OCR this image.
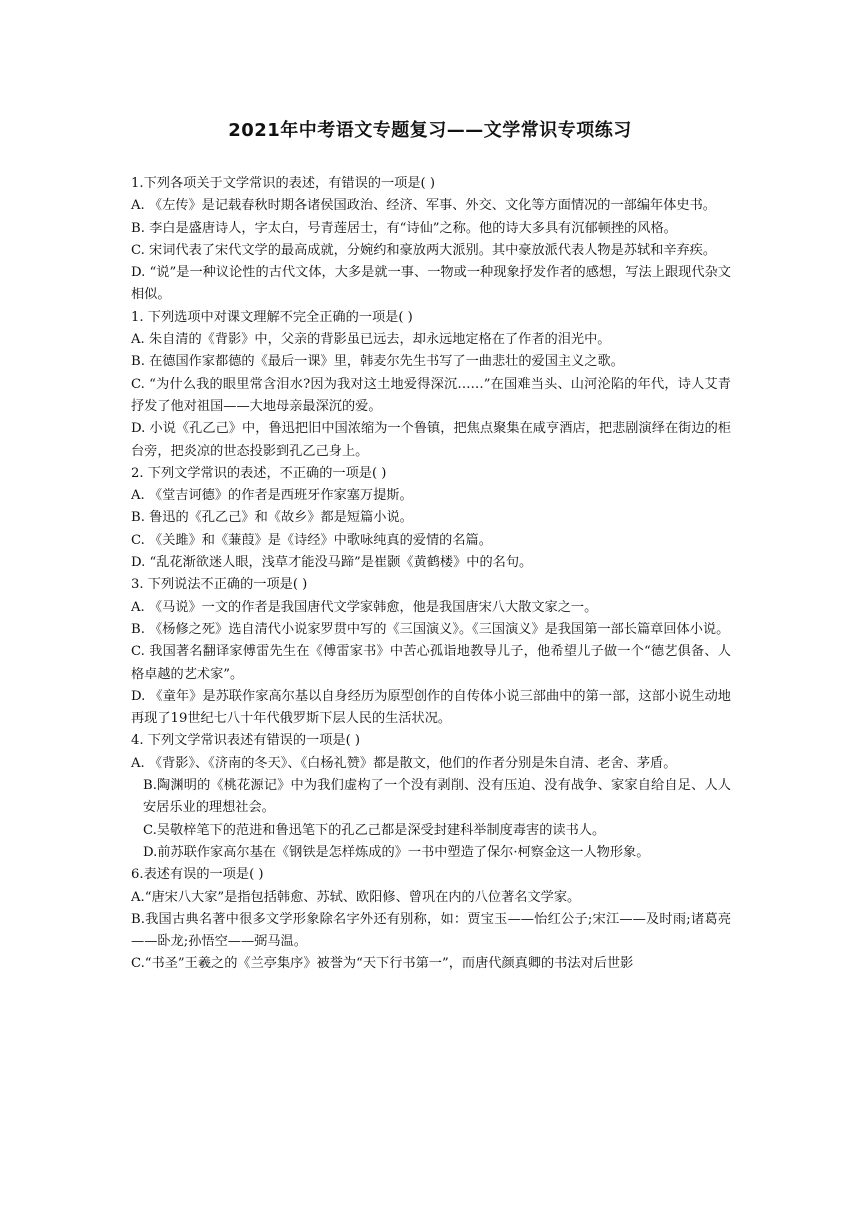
2021年中考语文专题复习——文学常识专项练习

1.下列各项关于文学常识的表述，有错误的一项是( )

A. 《左传》是记载春秋时期各诸侯国政治、经济、军事、外交、文化等方面情况的一部编年体史书。

B. 李白是盛唐诗人，字太白，号青莲居士，有“诗仙”之称。他的诗大多具有沉郁顿挫的风格。

C. 宋词代表了宋代文学的最高成就，分婉约和豪放两大派别。其中豪放派代表人物是苏轼和辛弃疾。

D. “说”是一种议论性的古代文体，大多是就一事、一物或一种现象抒发作者的感想，写法上跟现代杂文相似。

1. 下列选项中对课文理解不完全正确的一项是( )

A. 朱自清的《背影》中，父亲的背影虽已远去，却永远地定格在了作者的泪光中。

B. 在德国作家都德的《最后一课》里，韩麦尔先生书写了一曲悲壮的爱国主义之歌。

C. “为什么我的眼里常含泪水?因为我对这土地爱得深沉……”在国难当头、山河沦陷的年代，诗人艾青抒发了他对祖国——大地母亲最深沉的爱。

D. 小说《孔乙己》中，鲁迅把旧中国浓缩为一个鲁镇，把焦点聚集在咸亨酒店，把悲剧演绎在街边的柜台旁，把炎凉的世态投影到孔乙己身上。

2. 下列文学常识的表述，不正确的一项是( )

A. 《堂吉诃德》的作者是西班牙作家塞万提斯。

B. 鲁迅的《孔乙己》和《故乡》都是短篇小说。

C. 《关雎》和《蒹葭》是《诗经》中歌咏纯真的爱情的名篇。

D. “乱花渐欲迷人眼，浅草才能没马蹄”是崔颢《黄鹤楼》中的名句。

3. 下列说法不正确的一项是( )

A. 《马说》一文的作者是我国唐代文学家韩愈，他是我国唐宋八大散文家之一。

B. 《杨修之死》选自清代小说家罗贯中写的《三国演义》。《三国演义》是我国第一部长篇章回体小说。

C. 我国著名翻译家傅雷先生在《傅雷家书》中苦心孤诣地教导儿子，他希望儿子做一个“德艺俱备、人格卓越的艺术家”。

D. 《童年》是苏联作家高尔基以自身经历为原型创作的自传体小说三部曲中的第一部，这部小说生动地再现了19世纪七八十年代俄罗斯下层人民的生活状况。

4. 下列文学常识表述有错误的一项是( )

A. 《背影》、《济南的冬天》、《白杨礼赞》都是散文，他们的作者分别是朱自清、老舍、茅盾。

B.陶渊明的《桃花源记》中为我们虚构了一个没有剥削、没有压迫、没有战争、家家自给自足、人人安居乐业的理想社会。

C.吴敬梓笔下的范进和鲁迅笔下的孔乙己都是深受封建科举制度毒害的读书人。

D.前苏联作家高尔基在《钢铁是怎样炼成的》一书中塑造了保尔·柯察金这一人物形象。

6.表述有误的一项是( )

A.“唐宋八大家”是指包括韩愈、苏轼、欧阳修、曾巩在内的八位著名文学家。

B.我国古典名著中很多文学形象除名字外还有别称，如：贾宝玉——怡红公子;宋江——及时雨;诸葛亮——卧龙;孙悟空——弼马温。

C.“书圣”王羲之的《兰亭集序》被誉为“天下行书第一”，而唐代颜真卿的书法对后世影
